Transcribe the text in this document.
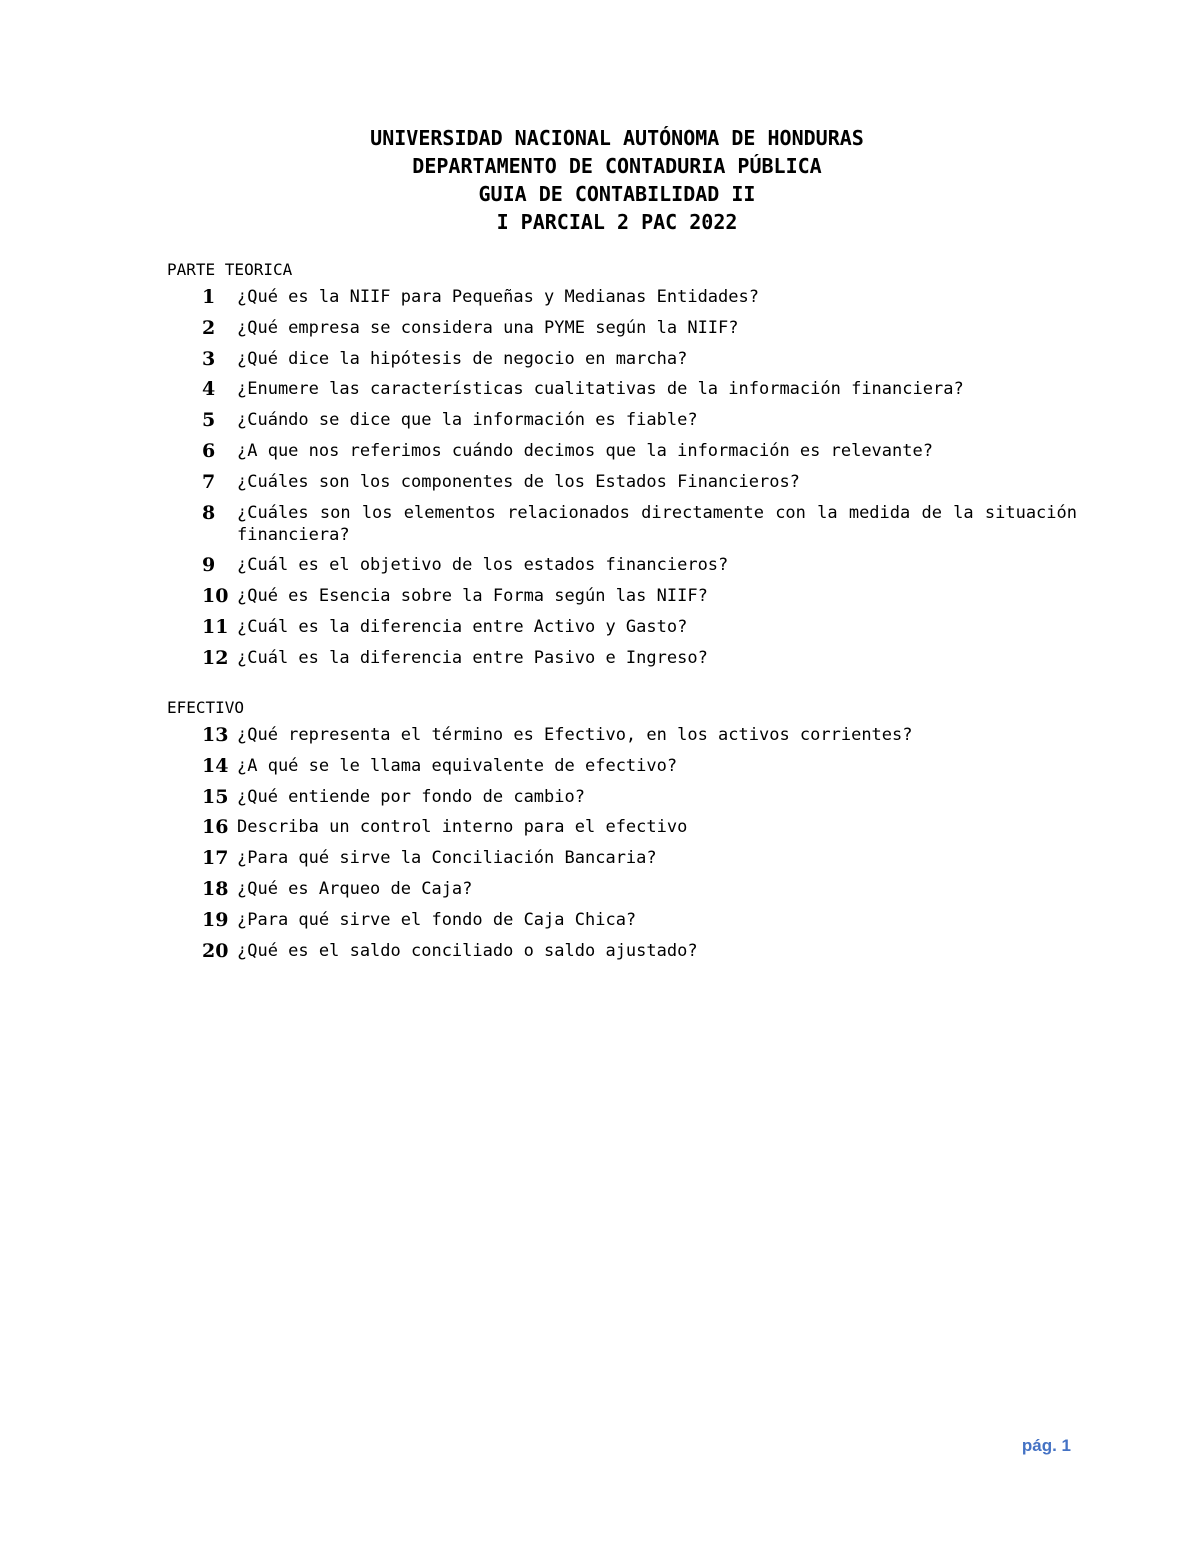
UNIVERSIDAD NACIONAL AUTÓNOMA DE HONDURAS
DEPARTAMENTO DE CONTADURIA PÚBLICA
GUIA DE CONTABILIDAD II
I PARCIAL 2 PAC 2022
PARTE TEORICA
1 ¿Qué es la NIIF para Pequeñas y Medianas Entidades?
2 ¿Qué empresa se considera una PYME según la NIIF?
3 ¿Qué dice la hipótesis de negocio en marcha?
4 ¿Enumere las características cualitativas de la información financiera?
5 ¿Cuándo se dice que la información es fiable?
6 ¿A que nos referimos cuándo decimos que la información es relevante?
7 ¿Cuáles son los componentes de los Estados Financieros?
8 ¿Cuáles son los elementos relacionados directamente con la medida de la situación financiera?
9 ¿Cuál es el objetivo de los estados financieros?
10 ¿Qué es Esencia sobre la Forma según las NIIF?
11 ¿Cuál es la diferencia entre Activo y Gasto?
12 ¿Cuál es la diferencia entre Pasivo e Ingreso?
EFECTIVO
13 ¿Qué representa el término es Efectivo, en los activos corrientes?
14 ¿A qué se le llama equivalente de efectivo?
15 ¿Qué entiende por fondo de cambio?
16 Describa un control interno para el efectivo
17 ¿Para qué sirve la Conciliación Bancaria?
18 ¿Qué es Arqueo de Caja?
19 ¿Para qué sirve el fondo de Caja Chica?
20 ¿Qué es el saldo conciliado o saldo ajustado?
pág. 1
